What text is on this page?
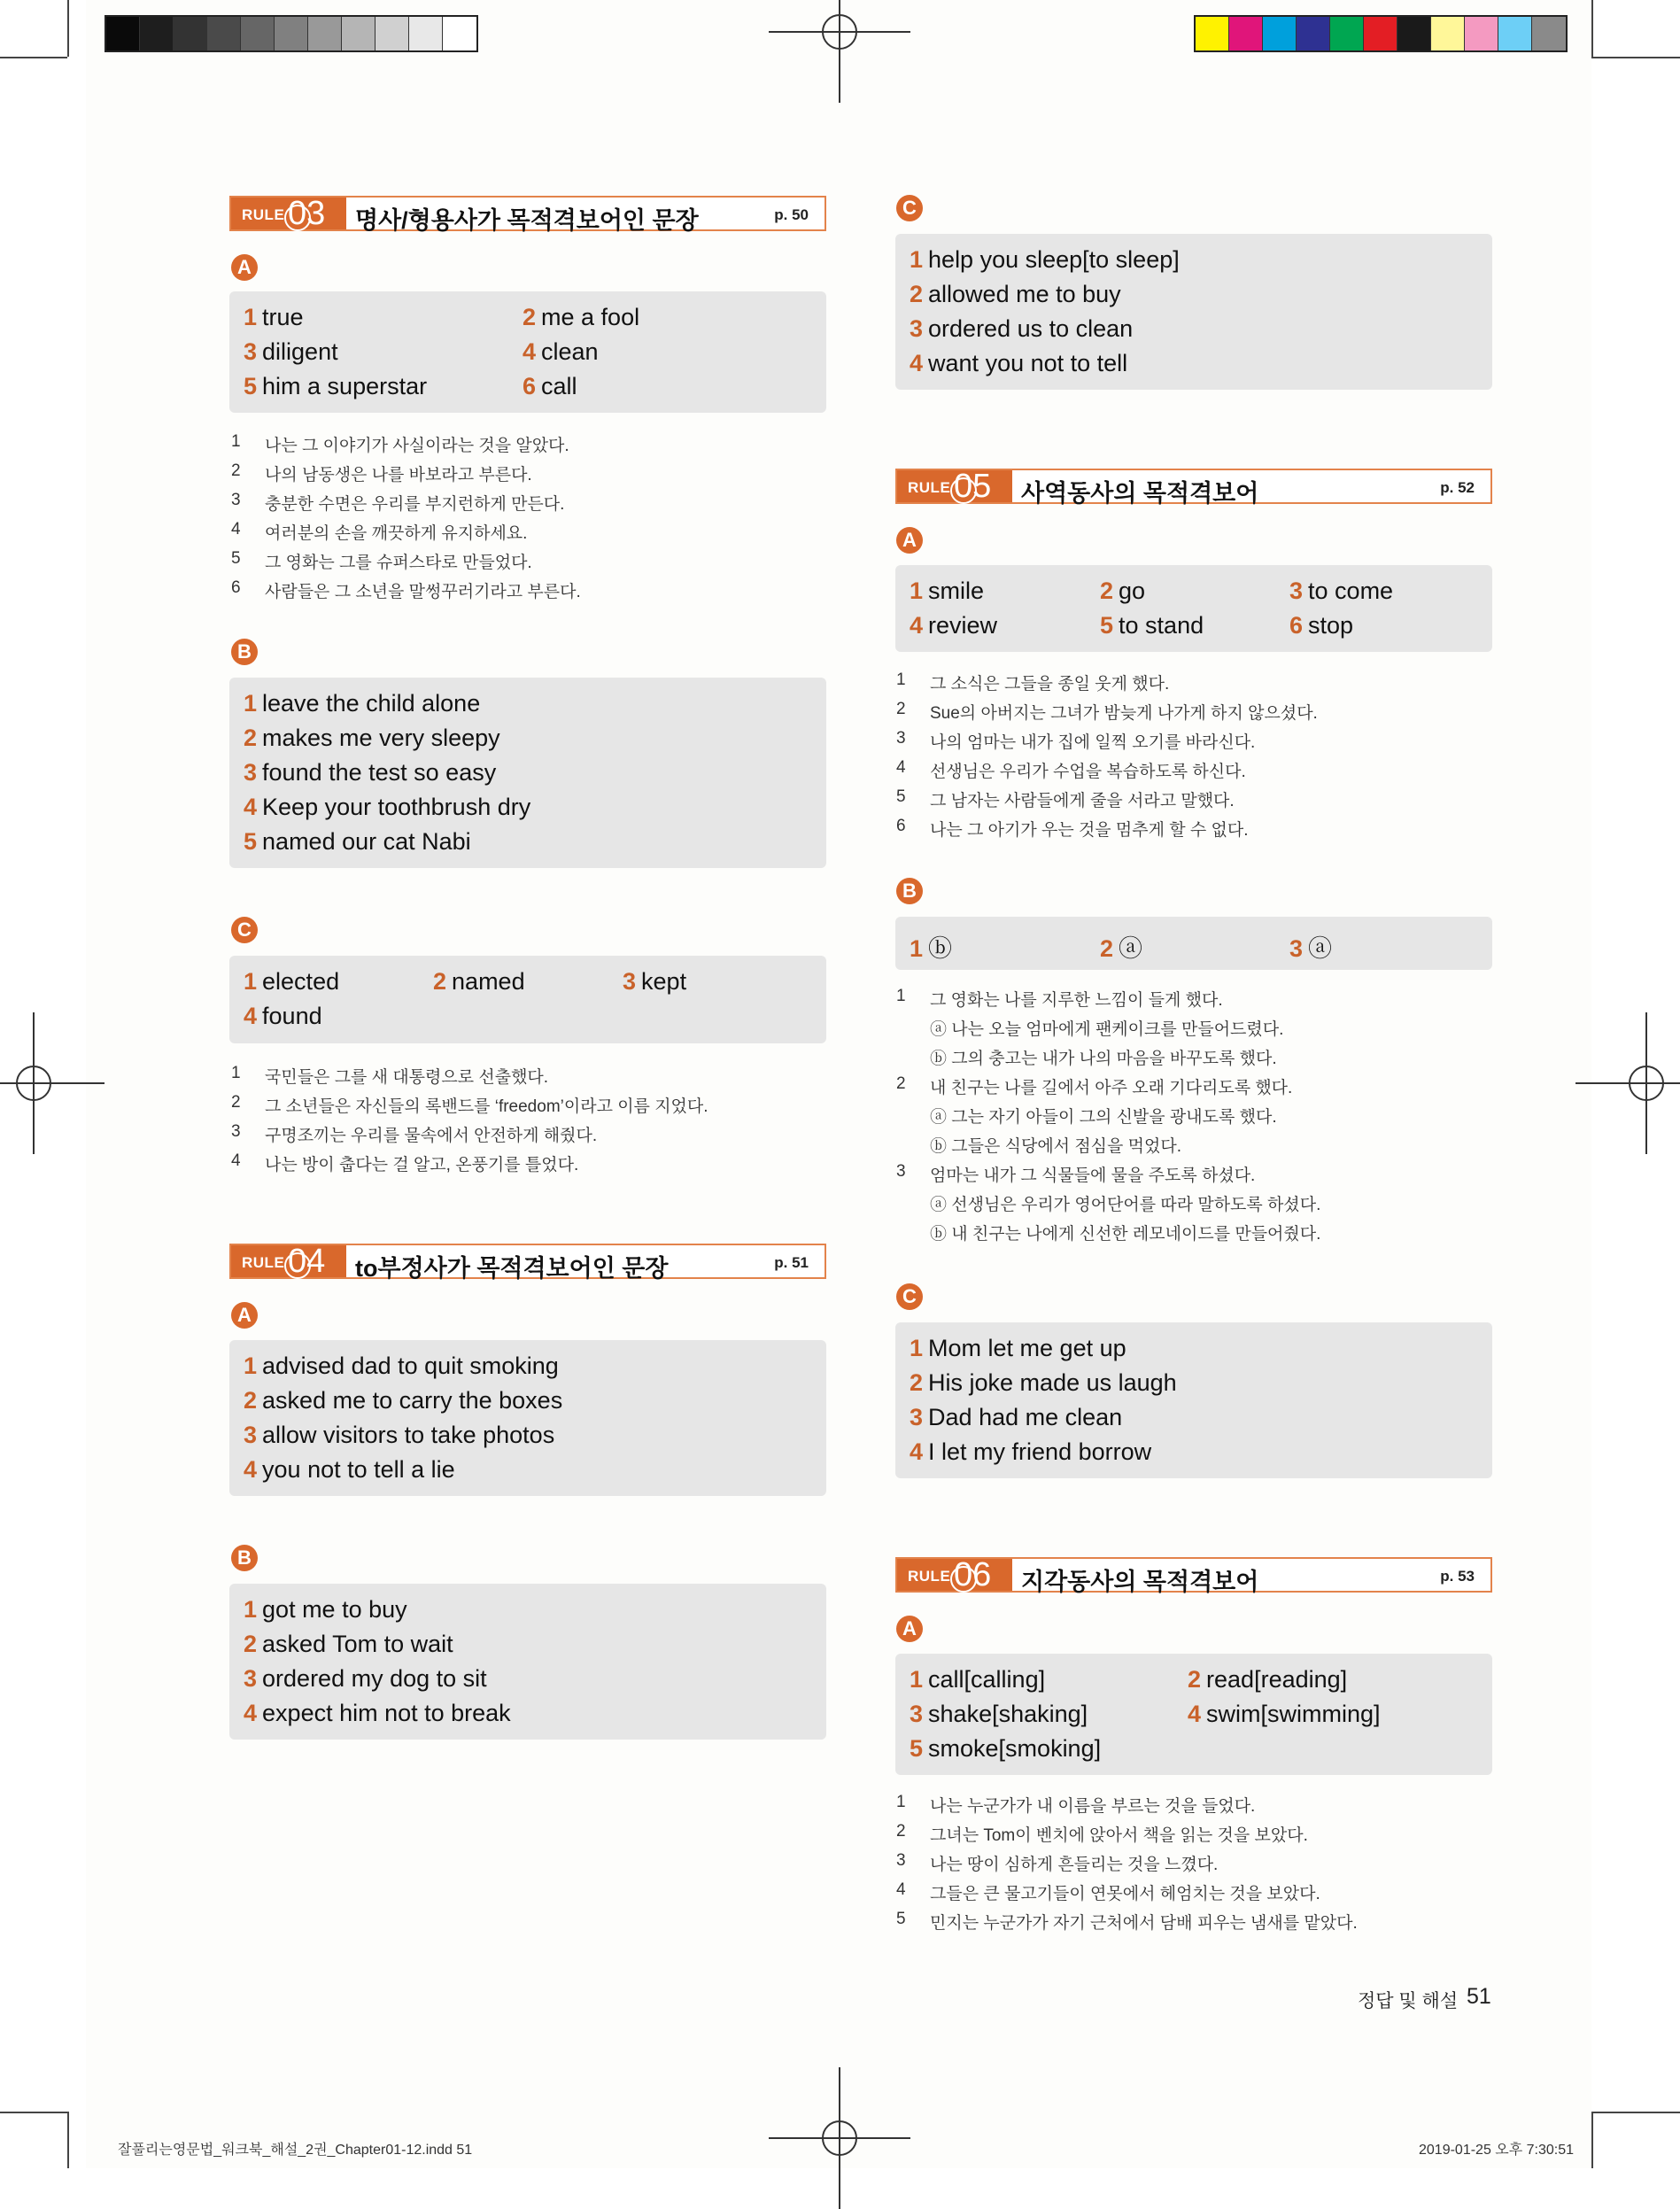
RULE 03 명사/형용사가 목적격보어인 문장	p. 50
A
1 true	2 me a fool
3 diligent	4 clean
5 him a superstar	6 call
1 나는 그 이야기가 사실이라는 것을 알았다.
2 나의 남동생은 나를 바보라고 부른다.
3 충분한 수면은 우리를 부지런하게 만든다.
4 여러분의 손을 깨끗하게 유지하세요.
5 그 영화는 그를 슈퍼스타로 만들었다.
6 사람들은 그 소년을 말썽꾸러기라고 부른다.
B
1 leave the child alone
2 makes me very sleepy
3 found the test so easy
4 Keep your toothbrush dry
5 named our cat Nabi
C
1 elected	2 named	3 kept
4 found
1 국민들은 그를 새 대통령으로 선출했다.
2 그 소년들은 자신들의 록밴드를 ‘freedom’이라고 이름 지었다.
3 구명조끼는 우리를 물속에서 안전하게 해줬다.
4 나는 방이 춥다는 걸 알고, 온풍기를 틀었다.
RULE 04 to부정사가 목적격보어인 문장	p. 51
A
1 advised dad to quit smoking
2 asked me to carry the boxes
3 allow visitors to take photos
4 you not to tell a lie
B
1 got me to buy
2 asked Tom to wait
3 ordered my dog to sit
4 expect him not to break
C
1 help you sleep[to sleep]
2 allowed me to buy
3 ordered us to clean
4 want you not to tell
RULE 05 사역동사의 목적격보어	p. 52
A
1 smile	2 go	3 to come
4 review	5 to stand	6 stop
1 그 소식은 그들을 종일 웃게 했다.
2 Sue의 아버지는 그녀가 밤늦게 나가게 하지 않으셨다.
3 나의 엄마는 내가 집에 일찍 오기를 바라신다.
4 선생님은 우리가 수업을 복습하도록 하신다.
5 그 남자는 사람들에게 줄을 서라고 말했다.
6 나는 그 아기가 우는 것을 멈추게 할 수 없다.
B
1 ⓑ	2 ⓐ	3 ⓐ
1 그 영화는 나를 지루한 느낌이 들게 했다.
ⓐ 나는 오늘 엄마에게 팬케이크를 만들어드렸다.
ⓑ 그의 충고는 내가 나의 마음을 바꾸도록 했다.
2 내 친구는 나를 길에서 아주 오래 기다리도록 했다.
ⓐ 그는 자기 아들이 그의 신발을 광내도록 했다.
ⓑ 그들은 식당에서 점심을 먹었다.
3 엄마는 내가 그 식물들에 물을 주도록 하셨다.
ⓐ 선생님은 우리가 영어단어를 따라 말하도록 하셨다.
ⓑ 내 친구는 나에게 신선한 레모네이드를 만들어줬다.
C
1 Mom let me get up
2 His joke made us laugh
3 Dad had me clean
4 I let my friend borrow
RULE 06 지각동사의 목적격보어	p. 53
A
1 call[calling]	2 read[reading]
3 shake[shaking]	4 swim[swimming]
5 smoke[smoking]
1 나는 누군가가 내 이름을 부르는 것을 들었다.
2 그녀는 Tom이 벤치에 앉아서 책을 읽는 것을 보았다.
3 나는 땅이 심하게 흔들리는 것을 느꼈다.
4 그들은 큰 물고기들이 연못에서 헤엄치는 것을 보았다.
5 민지는 누군가가 자기 근처에서 담배 피우는 냄새를 맡았다.
정답 및 해설 51
잘풀리는영문법_워크북_해설_2권_Chapter01-12.indd 51	2019-01-25 오후 7:30:51
